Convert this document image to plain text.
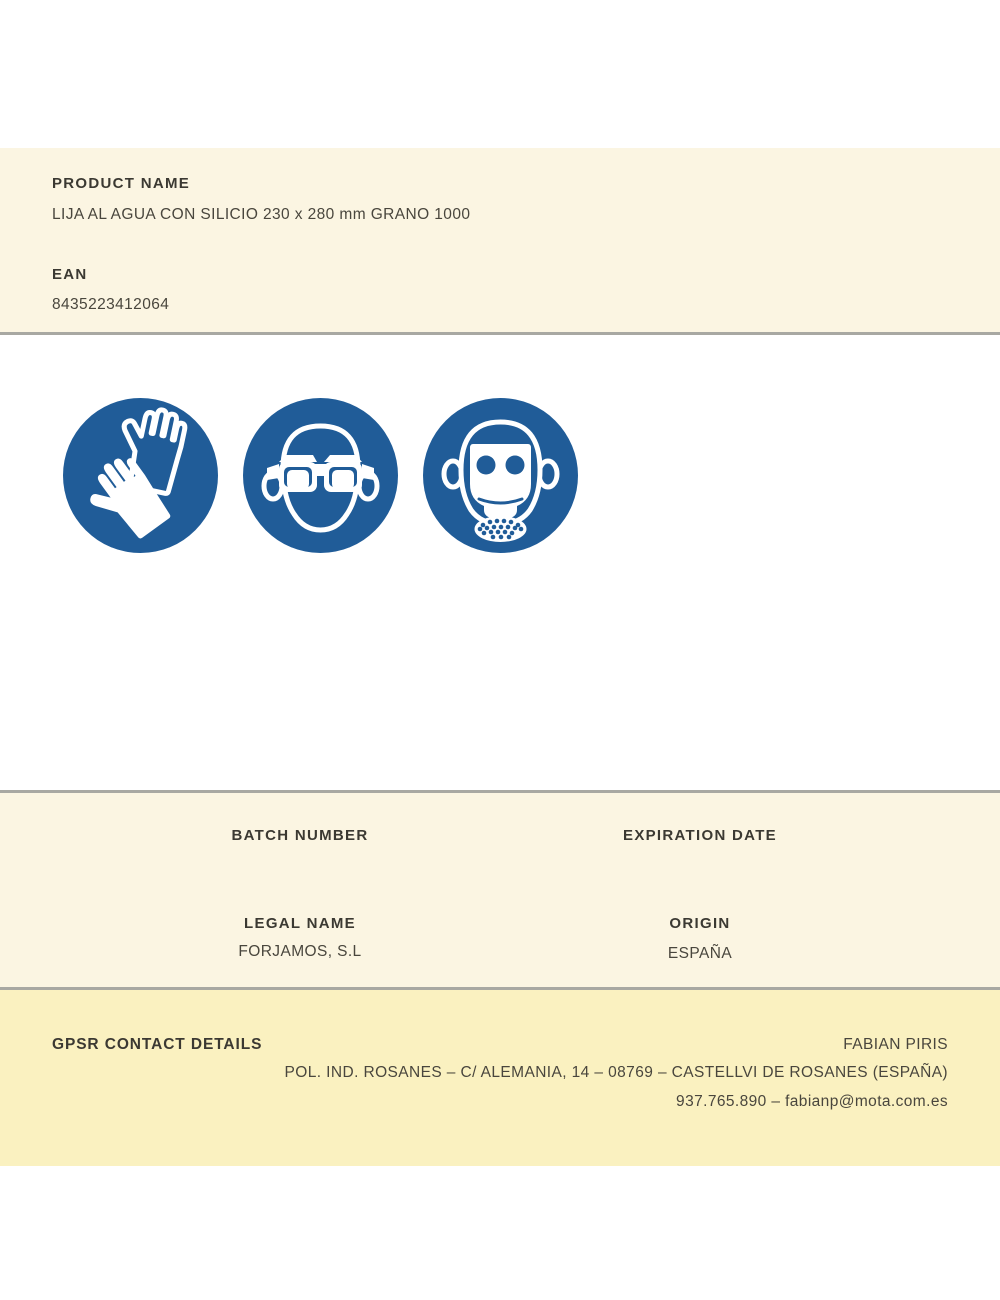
PRODUCT NAME
LIJA AL AGUA CON SILICIO 230 x 280 mm GRANO 1000
EAN
8435223412064
BATCH NUMBER	EXPIRATION DATE
LEGAL NAME
FORJAMOS, S.L
ORIGIN
ESPAÑA
GPSR CONTACT DETAILS	FABIAN PIRIS
POL. IND. ROSANES – C/ ALEMANIA, 14 – 08769 – CASTELLVI DE ROSANES (ESPAÑA)
937.765.890 – fabianp@mota.com.es
